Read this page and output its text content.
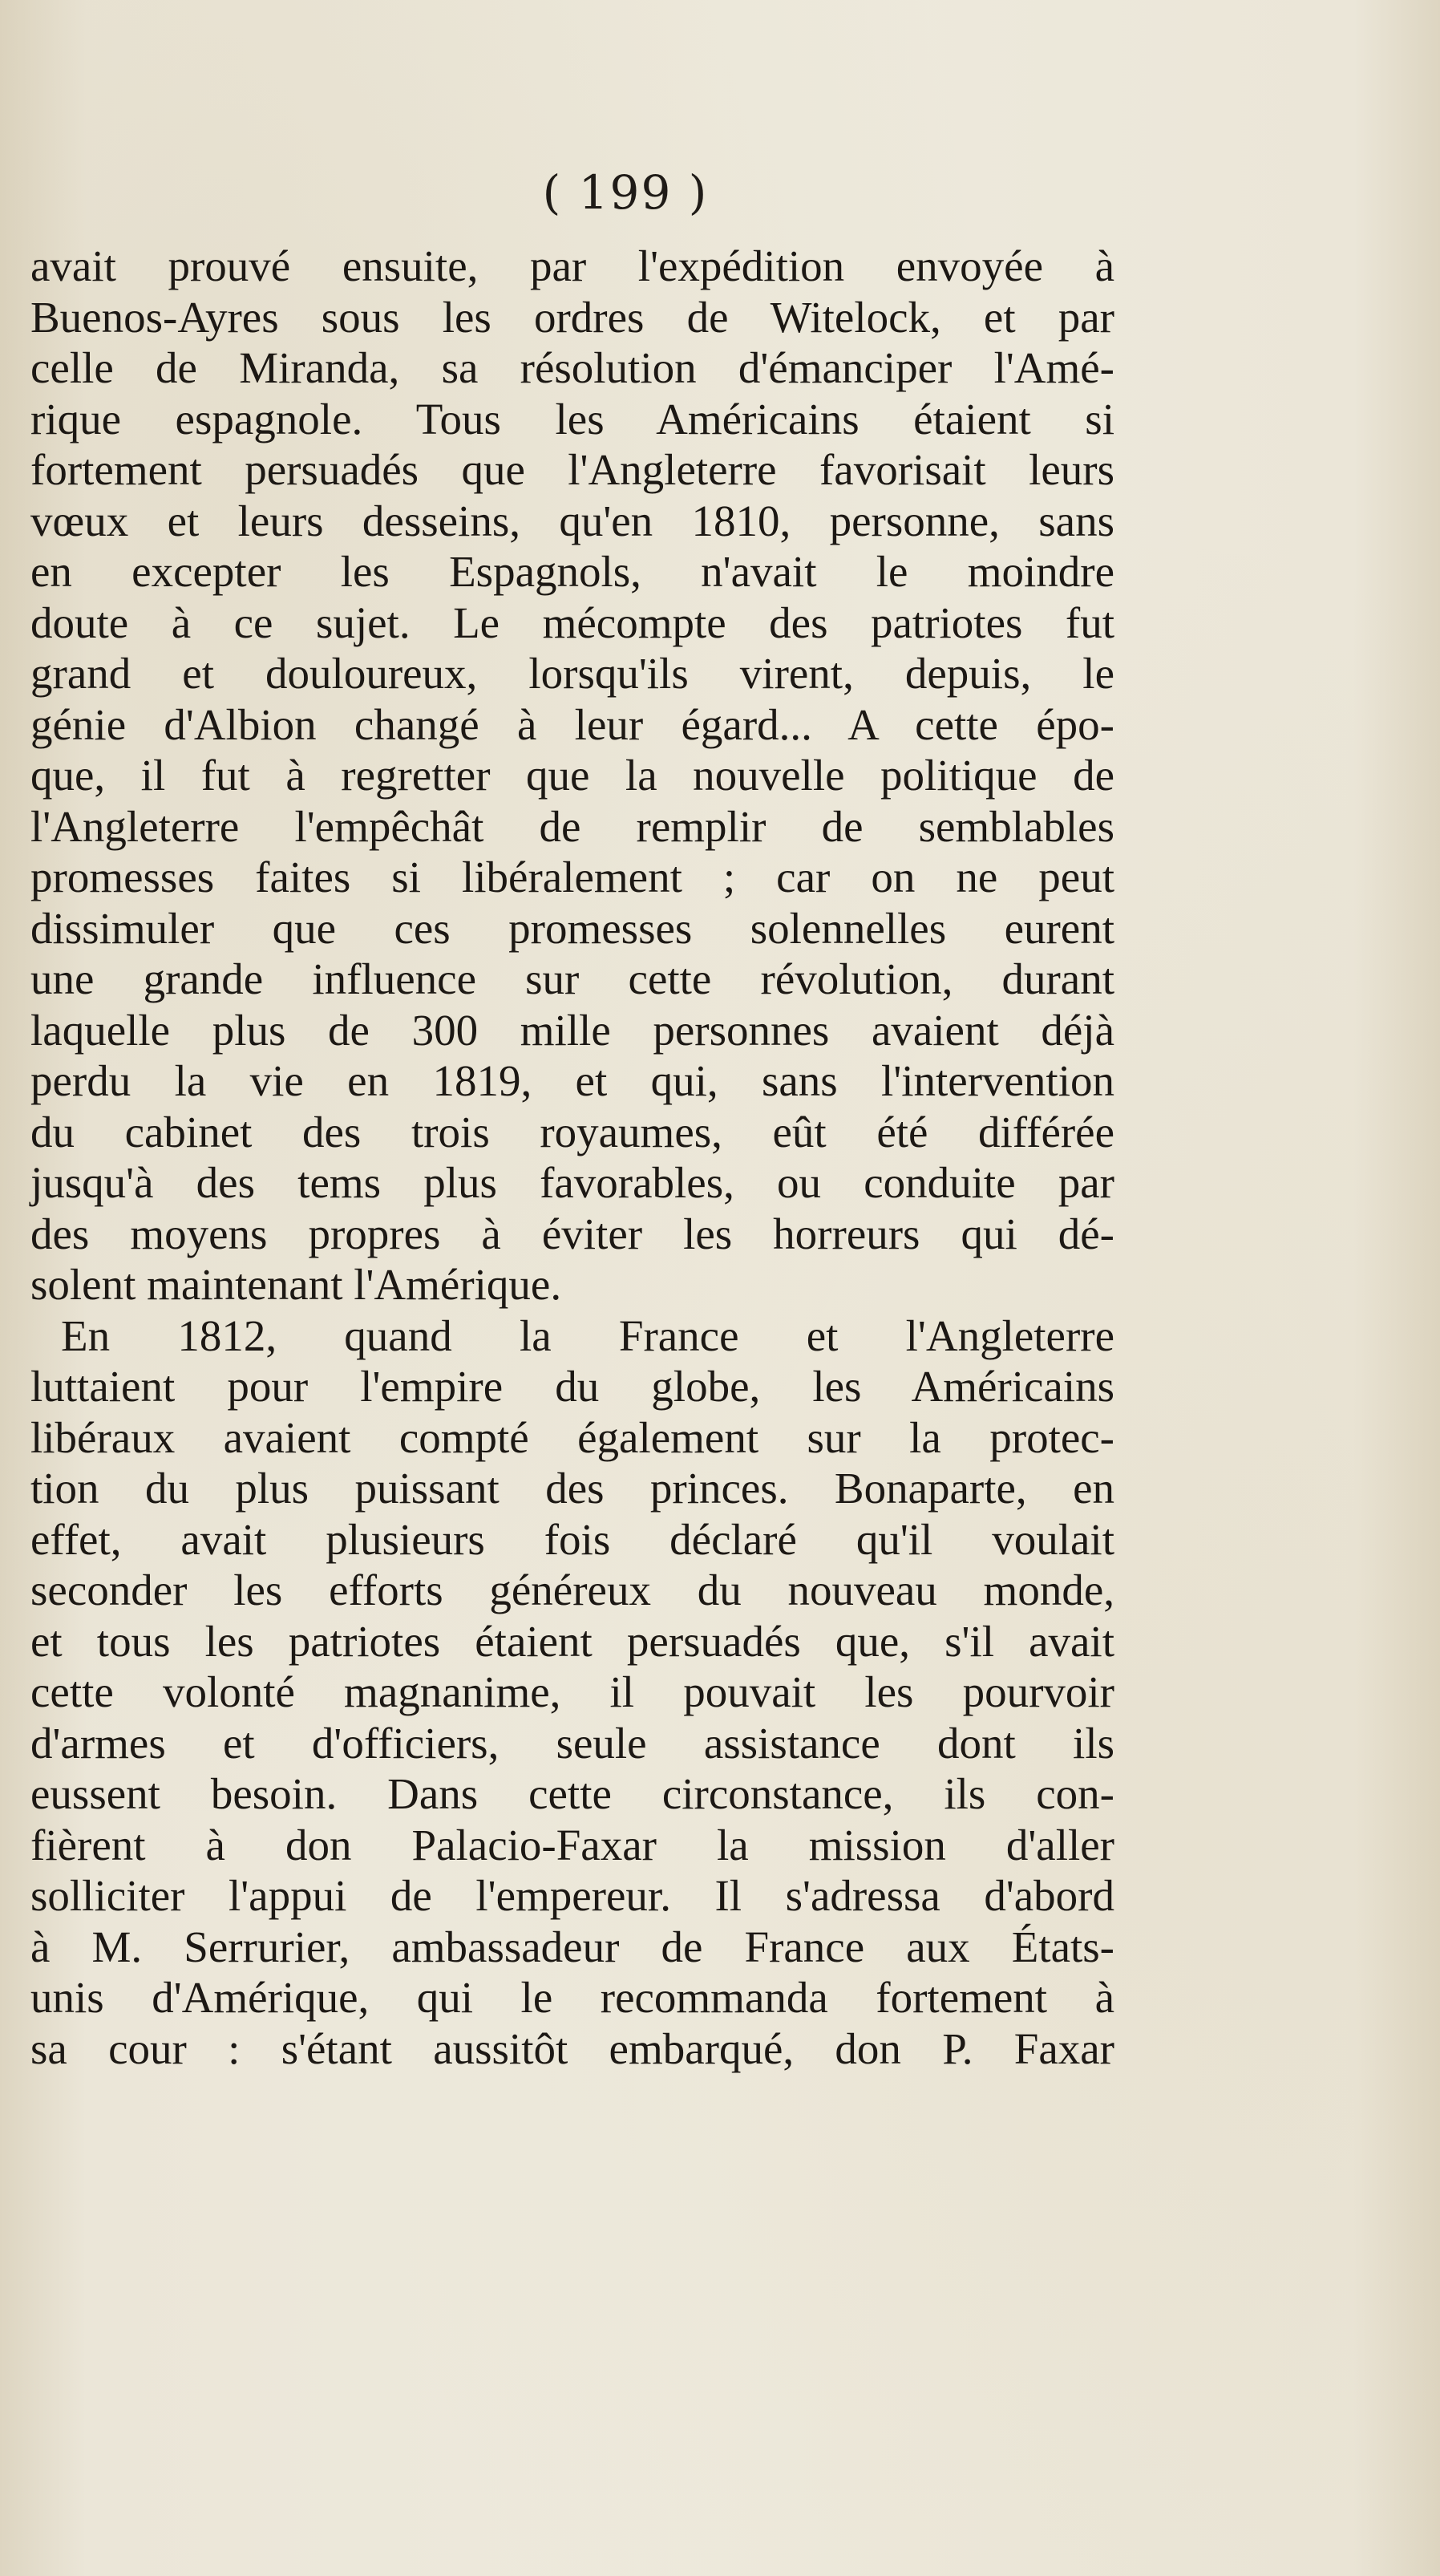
( 199 )
avait prouvé ensuite, par l'expédition envoyée à
Buenos-Ayres sous les ordres de Witelock, et par
celle de Miranda, sa résolution d'émanciper l'Amé-
rique espagnole. Tous les Américains étaient si
fortement persuadés que l'Angleterre favorisait leurs
vœux et leurs desseins, qu'en 1810, personne, sans
en excepter les Espagnols, n'avait le moindre
doute à ce sujet. Le mécompte des patriotes fut
grand et douloureux, lorsqu'ils virent, depuis, le
génie d'Albion changé à leur égard... A cette épo-
que, il fut à regretter que la nouvelle politique de
l'Angleterre l'empêchât de remplir de semblables
promesses faites si libéralement ; car on ne peut
dissimuler que ces promesses solennelles eurent
une grande influence sur cette révolution, durant
laquelle plus de 300 mille personnes avaient déjà
perdu la vie en 1819, et qui, sans l'intervention
du cabinet des trois royaumes, eût été différée
jusqu'à des tems plus favorables, ou conduite par
des moyens propres à éviter les horreurs qui dé-
solent maintenant l'Amérique.
En 1812, quand la France et l'Angleterre
luttaient pour l'empire du globe, les Américains
libéraux avaient compté également sur la protec-
tion du plus puissant des princes. Bonaparte, en
effet, avait plusieurs fois déclaré qu'il voulait
seconder les efforts généreux du nouveau monde,
et tous les patriotes étaient persuadés que, s'il avait
cette volonté magnanime, il pouvait les pourvoir
d'armes et d'officiers, seule assistance dont ils
eussent besoin. Dans cette circonstance, ils con-
fièrent à don Palacio-Faxar la mission d'aller
solliciter l'appui de l'empereur. Il s'adressa d'abord
à M. Serrurier, ambassadeur de France aux États-
unis d'Amérique, qui le recommanda fortement à
sa cour : s'étant aussitôt embarqué, don P. Faxar
